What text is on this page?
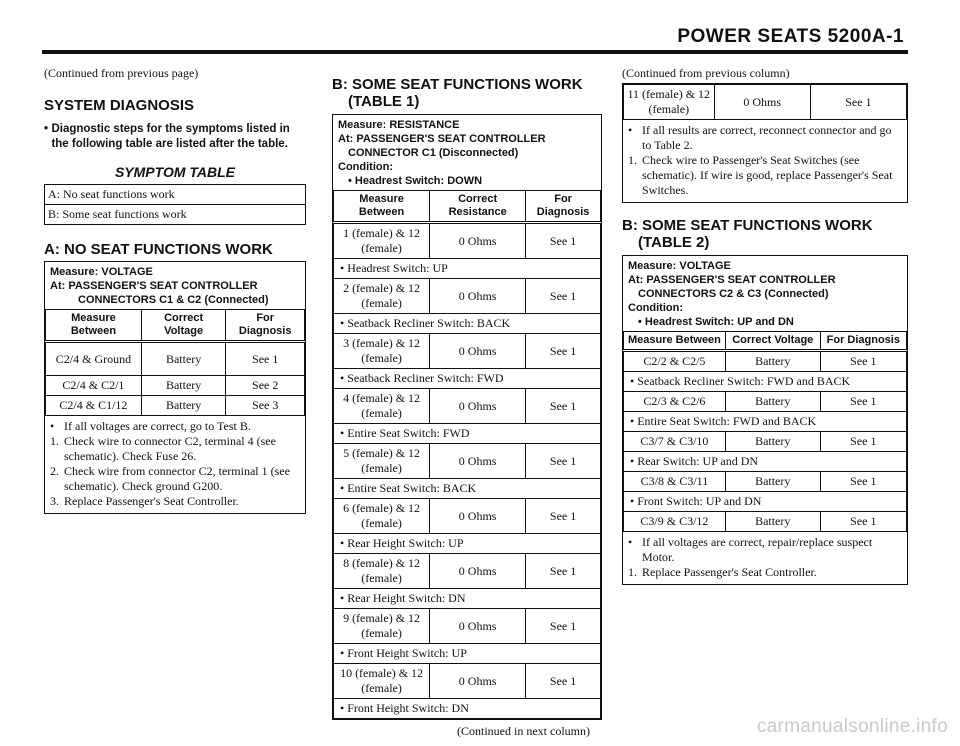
POWER SEATS 5200A-1
(Continued from previous page)
SYSTEM DIAGNOSIS
• Diagnostic steps for the symptoms listed in the following table are listed after the table.
SYMPTOM TABLE
A: No seat functions work
B: Some seat functions work
A: NO SEAT FUNCTIONS WORK
Measure: VOLTAGE
At: PASSENGER'S SEAT CONTROLLER
CONNECTORS C1 & C2 (Connected)
Measure Between	Correct Voltage	For Diagnosis
C2/4 & Ground	Battery	See 1
C2/4 & C2/1	Battery	See 2
C2/4 & C1/12	Battery	See 3
• If all voltages are correct, go to Test B.
1. Check wire to connector C2, terminal 4 (see schematic). Check Fuse 26.
2. Check wire from connector C2, terminal 1 (see schematic). Check ground G200.
3. Replace Passenger's Seat Controller.
B: SOME SEAT FUNCTIONS WORK
(TABLE 1)
Measure: RESISTANCE
At: PASSENGER'S SEAT CONTROLLER
CONNECTOR C1 (Disconnected)
Condition:
• Headrest Switch: DOWN
Measure Between	Correct Resistance	For Diagnosis
1 (female) & 12 (female)	0 Ohms	See 1
• Headrest Switch: UP		
2 (female) & 12 (female)	0 Ohms	See 1
• Seatback Recliner Switch: BACK		
3 (female) & 12 (female)	0 Ohms	See 1
• Seatback Recliner Switch: FWD		
4 (female) & 12 (female)	0 Ohms	See 1
• Entire Seat Switch: FWD		
5 (female) & 12 (female)	0 Ohms	See 1
• Entire Seat Switch: BACK		
6 (female) & 12 (female)	0 Ohms	See 1
• Rear Height Switch: UP		
8 (female) & 12 (female)	0 Ohms	See 1
• Rear Height Switch: DN		
9 (female) & 12 (female)	0 Ohms	See 1
• Front Height Switch: UP		
10 (female) & 12 (female)	0 Ohms	See 1
• Front Height Switch: DN		
(Continued in next column)
(Continued from previous column)
11 (female) & 12 (female)	0 Ohms	See 1
• If all results are correct, reconnect connector and go to Table 2.
1. Check wire to Passenger's Seat Switches (see schematic). If wire is good, replace Passenger's Seat Switches.
B: SOME SEAT FUNCTIONS WORK
(TABLE 2)
Measure: VOLTAGE
At: PASSENGER'S SEAT CONTROLLER
CONNECTORS C2 & C3 (Connected)
Condition:
• Headrest Switch: UP and DN
Measure Between	Correct Voltage	For Diagnosis
C2/2 & C2/5	Battery	See 1
• Seatback Recliner Switch: FWD and BACK		
C2/3 & C2/6	Battery	See 1
• Entire Seat Switch: FWD and BACK		
C3/7 & C3/10	Battery	See 1
• Rear Switch: UP and DN		
C3/8 & C3/11	Battery	See 1
• Front Switch: UP and DN		
C3/9 & C3/12	Battery	See 1
• If all voltages are correct, repair/replace suspect Motor.
1. Replace Passenger's Seat Controller.
carmanualsonline.info
